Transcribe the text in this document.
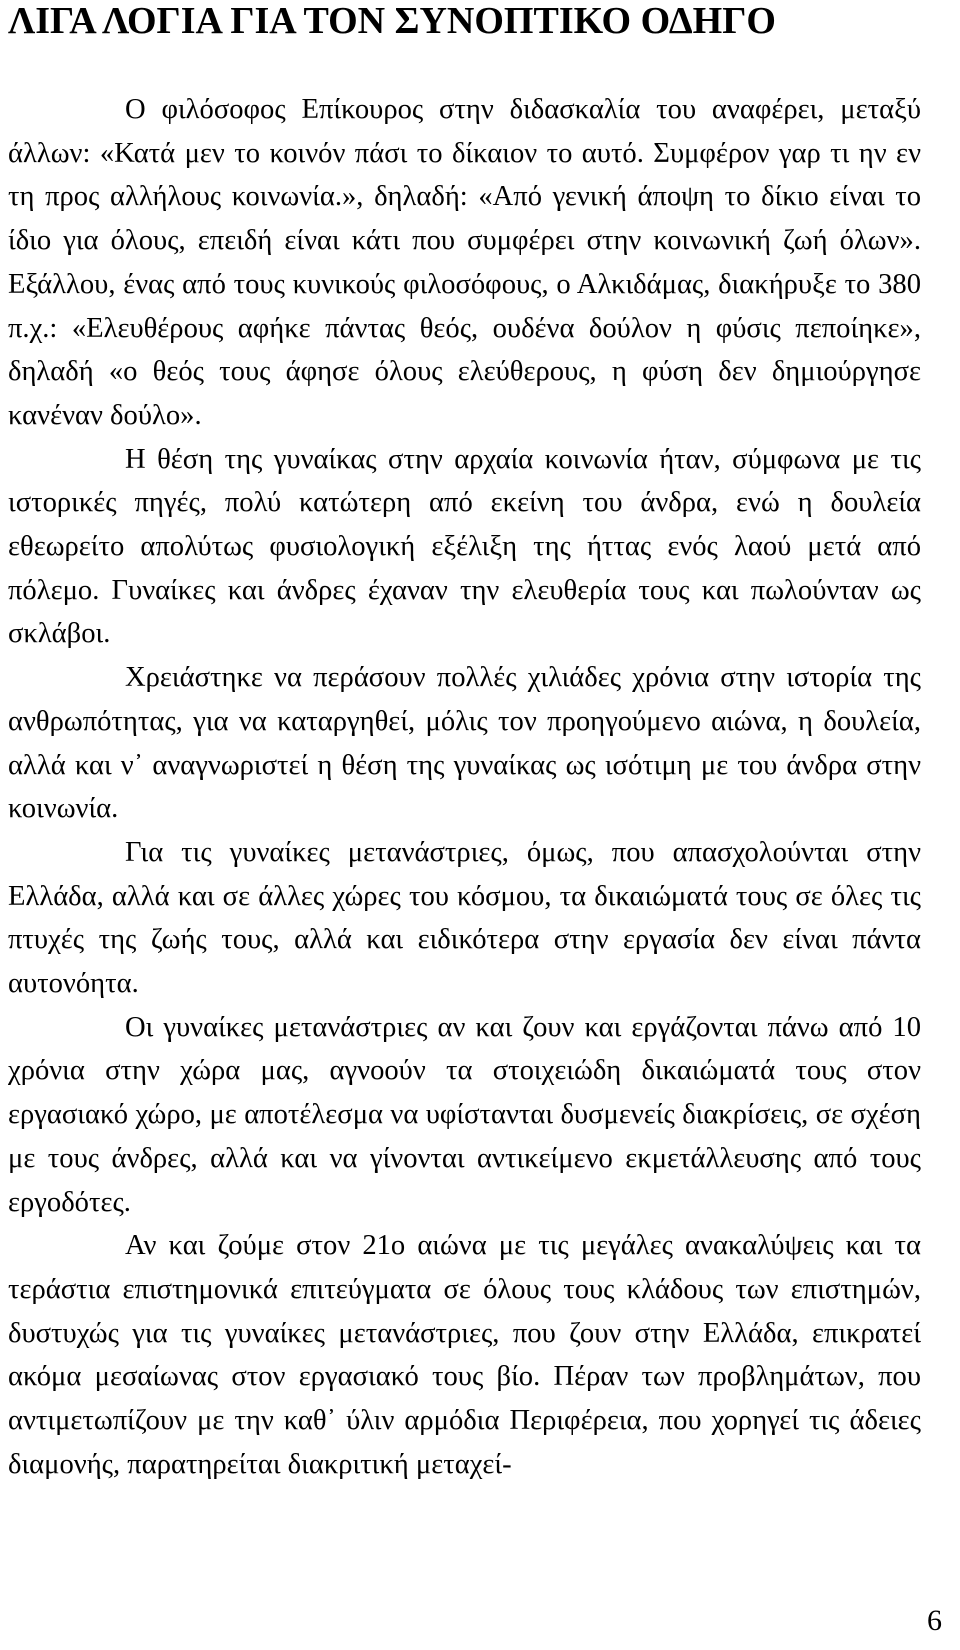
ΛΙΓΑ ΛΟΓΙΑ ΓΙΑ ΤΟΝ ΣΥΝΟΠΤΙΚΟ ΟΔΗΓΟ

Ο φιλόσοφος Επίκουρος στην διδασκαλία του αναφέρει, μεταξύ άλλων: «Κατά μεν το κοινόν πάσι το δίκαιον το αυτό. Συμφέρον γαρ τι ην εν τη προς αλλήλους κοινωνία.», δηλαδή: «Από γενική άποψη το δίκιο είναι το ίδιο για όλους, επειδή είναι κάτι που συμφέρει στην κοινωνική ζωή όλων». Εξάλλου, ένας από τους κυνικούς φιλοσόφους, ο Αλκιδάμας, διακήρυξε το 380 π.χ.: «Ελευθέρους αφήκε πάντας θεός, ουδένα δούλον η φύσις πεποίηκε», δηλαδή «ο θεός τους άφησε όλους ελεύθερους, η φύση δεν δημιούργησε κανέναν δούλο».

Η θέση της γυναίκας στην αρχαία κοινωνία ήταν, σύμφωνα με τις ιστορικές πηγές, πολύ κατώτερη από εκείνη του άνδρα, ενώ η δουλεία εθεωρείτο απολύτως φυσιολογική εξέλιξη της ήττας ενός λαού μετά από πόλεμο. Γυναίκες και άνδρες έχαναν την ελευθερία τους και πωλούνταν ως σκλάβοι.

Χρειάστηκε να περάσουν πολλές χιλιάδες χρόνια στην ιστορία της ανθρωπότητας, για να καταργηθεί, μόλις τον προηγούμενο αιώνα, η δουλεία, αλλά και ν᾽ αναγνωριστεί η θέση της γυναίκας ως ισότιμη με του άνδρα στην κοινωνία.

Για τις γυναίκες μετανάστριες, όμως, που απασχολούνται στην Ελλάδα, αλλά και σε άλλες χώρες του κόσμου, τα δικαιώματά τους σε όλες τις πτυχές της ζωής τους, αλλά και ειδικότερα στην εργασία δεν είναι πάντα αυτονόητα.

Οι γυναίκες μετανάστριες αν και ζουν και εργάζονται πάνω από 10 χρόνια στην χώρα μας, αγνοούν τα στοιχειώδη δικαιώματά τους στον εργασιακό χώρο, με αποτέλεσμα να υφίστανται δυσμενείς διακρίσεις, σε σχέση με τους άνδρες, αλλά και να γίνονται αντικείμενο εκμετάλλευσης από τους εργοδότες.

Αν και ζούμε στον 21ο αιώνα με τις μεγάλες ανακαλύψεις και τα τεράστια επιστημονικά επιτεύγματα σε όλους τους κλάδους των επιστημών, δυστυχώς για τις γυναίκες μετανάστριες, που ζουν στην Ελλάδα, επικρατεί ακόμα μεσαίωνας στον εργασιακό τους βίο. Πέραν των προβλημάτων, που αντιμετωπίζουν με την καθ᾽ ύλιν αρμόδια Περιφέρεια, που χορηγεί τις άδειες διαμονής, παρατηρείται διακριτική μεταχεί-

6
